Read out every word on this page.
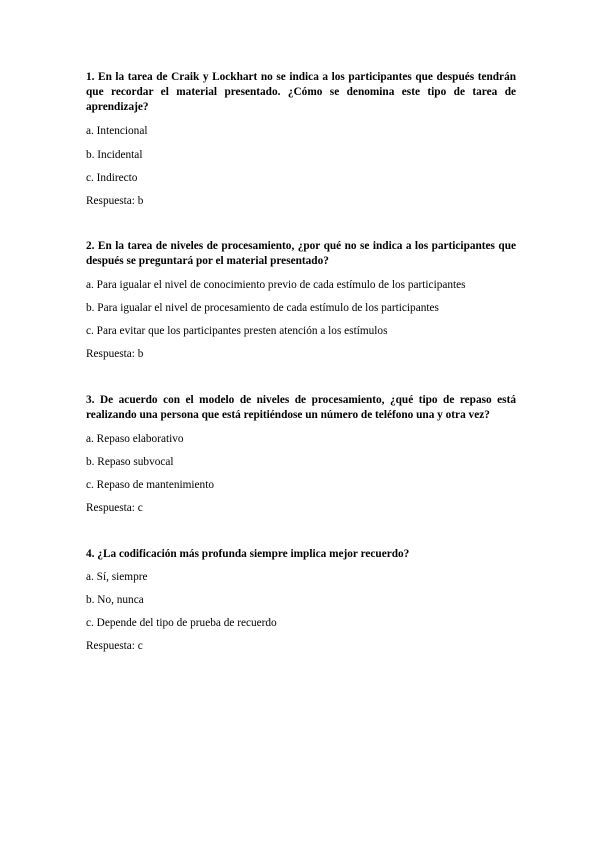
1. En la tarea de Craik y Lockhart no se indica a los participantes que después tendrán que recordar el material presentado. ¿Cómo se denomina este tipo de tarea de aprendizaje?

a. Intencional

b. Incidental

c. Indirecto

Respuesta: b

2. En la tarea de niveles de procesamiento, ¿por qué no se indica a los participantes que después se preguntará por el material presentado?

a. Para igualar el nivel de conocimiento previo de cada estímulo de los participantes

b. Para igualar el nivel de procesamiento de cada estímulo de los participantes

c. Para evitar que los participantes presten atención a los estímulos

Respuesta: b

3. De acuerdo con el modelo de niveles de procesamiento, ¿qué tipo de repaso está realizando una persona que está repitiéndose un número de teléfono una y otra vez?

a. Repaso elaborativo

b. Repaso subvocal

c. Repaso de mantenimiento

Respuesta: c

4. ¿La codificación más profunda siempre implica mejor recuerdo?

a. Sí, siempre

b. No, nunca

c. Depende del tipo de prueba de recuerdo

Respuesta: c
